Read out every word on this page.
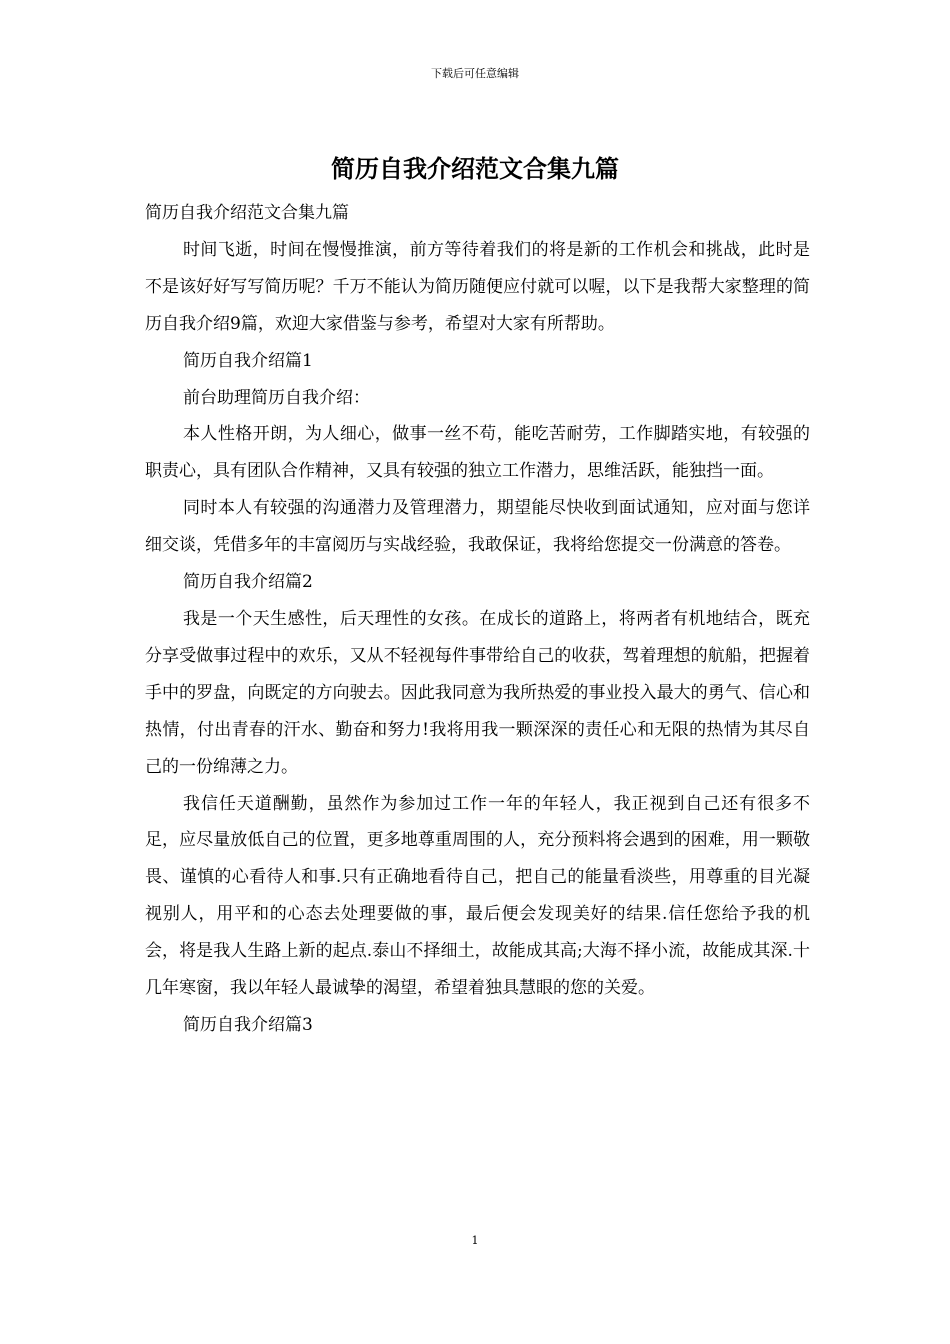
下载后可任意编辑
简历自我介绍范文合集九篇

简历自我介绍范文合集九篇

时间飞逝，时间在慢慢推演，前方等待着我们的将是新的工作机会和挑战，此时是不是该好好写写简历呢？千万不能认为简历随便应付就可以喔，以下是我帮大家整理的简历自我介绍9篇，欢迎大家借鉴与参考，希望对大家有所帮助。

简历自我介绍篇1

前台助理简历自我介绍：

本人性格开朗，为人细心，做事一丝不苟，能吃苦耐劳，工作脚踏实地，有较强的职责心，具有团队合作精神，又具有较强的独立工作潜力，思维活跃，能独挡一面。

同时本人有较强的沟通潜力及管理潜力，期望能尽快收到面试通知，应对面与您详细交谈，凭借多年的丰富阅历与实战经验，我敢保证，我将给您提交一份满意的答卷。

简历自我介绍篇2

我是一个天生感性，后天理性的女孩。在成长的道路上，将两者有机地结合，既充分享受做事过程中的欢乐，又从不轻视每件事带给自己的收获，驾着理想的航船，把握着手中的罗盘，向既定的方向驶去。因此我同意为我所热爱的事业投入最大的勇气、信心和热情，付出青春的汗水、勤奋和努力!我将用我一颗深深的责任心和无限的热情为其尽自己的一份绵薄之力。

我信任天道酬勤，虽然作为参加过工作一年的年轻人，我正视到自己还有很多不足，应尽量放低自己的位置，更多地尊重周围的人，充分预料将会遇到的困难，用一颗敬畏、谨慎的心看待人和事.只有正确地看待自己，把自己的能量看淡些，用尊重的目光凝视别人，用平和的心态去处理要做的事，最后便会发现美好的结果.信任您给予我的机会，将是我人生路上新的起点.泰山不择细土，故能成其高;大海不择小流，故能成其深.十几年寒窗，我以年轻人最诚挚的渴望，希望着独具慧眼的您的关爱。

简历自我介绍篇3

1
